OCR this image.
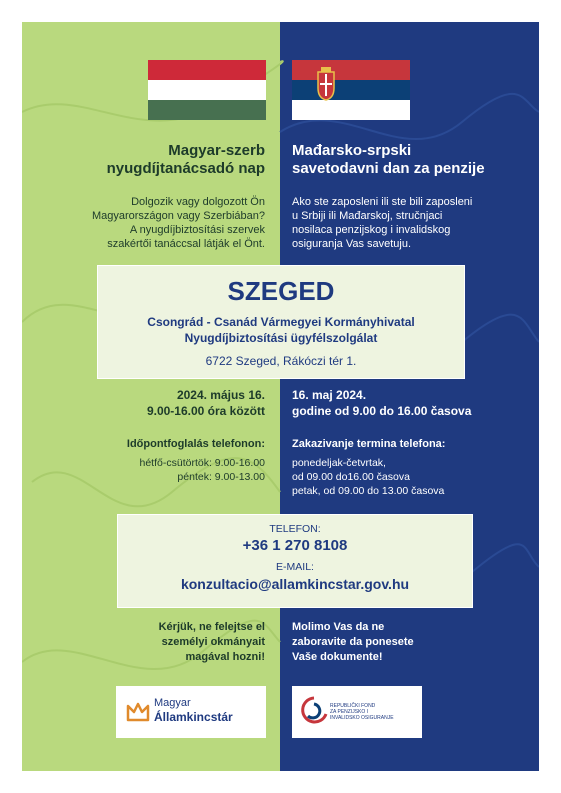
Magyar-szerb
nyugdíjtanácsadó nap
Mađarsko-srpski
savetodavni dan za penzije
Dolgozik vagy dolgozott Ön
Magyarországon vagy Szerbiában?
A nyugdíjbiztosítási szervek
szakértői tanáccsal látják el Önt.
Ako ste zaposleni ili ste bili zaposleni
u Srbiji ili Mađarskoj, stručnjaci
nosilaca penzijskog i invalidskog
osiguranja Vas savetuju.
SZEGED
Csongrád - Csanád Vármegyei Kormányhivatal
Nyugdíjbiztosítási ügyfélszolgálat
6722 Szeged, Rákóczi tér 1.
2024. május 16.
9.00-16.00 óra között
16. maj 2024.
godine od 9.00 do 16.00 časova
Időpontfoglalás telefonon: Zakazivanje termina telefona:
hétfő-csütörtök: 9.00-16.00
péntek: 9.00-13.00
ponedeljak-četvrtak,
od 09.00 do16.00 časova
petak, od 09.00 do 13.00 časova
TELEFON:
+36 1 270 8108
E-MAIL:
konzultacio@allamkincstar.gov.hu
Kérjük, ne felejtse el
személyi okmányait
magával hozni!
Molimo Vas da ne
zaboravite da ponesete
Vaše dokumente!
Magyar
Államkincstár
REPUBLIČKI FOND
ZA PENZIJSKO I
INVALIDSKO OSIGURANJE
